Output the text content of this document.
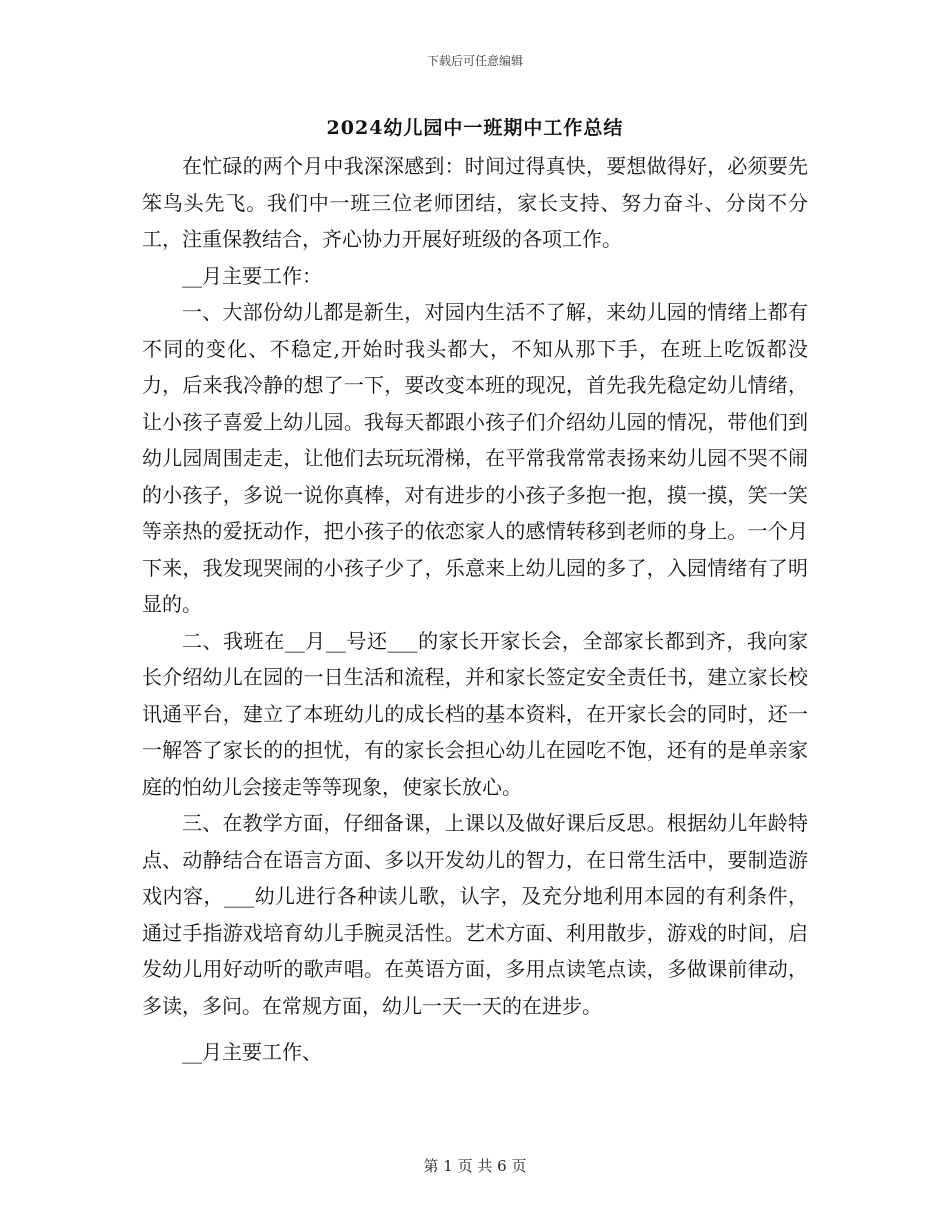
下载后可任意编辑
2024幼儿园中一班期中工作总结

在忙碌的两个月中我深深感到：时间过得真快，要想做得好，必须要先笨鸟头先飞。我们中一班三位老师团结，家长支持、努力奋斗、分岗不分工，注重保教结合，齐心协力开展好班级的各项工作。

__月主要工作：

一、大部份幼儿都是新生，对园内生活不了解，来幼儿园的情绪上都有不同的变化、不稳定,开始时我头都大，不知从那下手，在班上吃饭都没力，后来我冷静的想了一下，要改变本班的现况，首先我先稳定幼儿情绪，让小孩子喜爱上幼儿园。我每天都跟小孩子们介绍幼儿园的情况，带他们到幼儿园周围走走，让他们去玩玩滑梯，在平常我常常表扬来幼儿园不哭不闹的小孩子，多说一说你真棒，对有进步的小孩子多抱一抱，摸一摸，笑一笑等亲热的爱抚动作，把小孩子的依恋家人的感情转移到老师的身上。一个月下来，我发现哭闹的小孩子少了，乐意来上幼儿园的多了，入园情绪有了明显的。

二、我班在__月__号还___的家长开家长会，全部家长都到齐，我向家长介绍幼儿在园的一日生活和流程，并和家长签定安全责任书，建立家长校讯通平台，建立了本班幼儿的成长档的基本资料，在开家长会的同时，还一一解答了家长的的担忧，有的家长会担心幼儿在园吃不饱，还有的是单亲家庭的怕幼儿会接走等等现象，使家长放心。

三、在教学方面，仔细备课，上课以及做好课后反思。根据幼儿年龄特点、动静结合在语言方面、多以开发幼儿的智力，在日常生活中，要制造游戏内容，___幼儿进行各种读儿歌，认字，及充分地利用本园的有利条件，通过手指游戏培育幼儿手腕灵活性。艺术方面、利用散步，游戏的时间，启发幼儿用好动听的歌声唱。在英语方面，多用点读笔点读，多做课前律动，多读，多问。在常规方面，幼儿一天一天的在进步。

__月主要工作、

第 1 页 共 6 页
